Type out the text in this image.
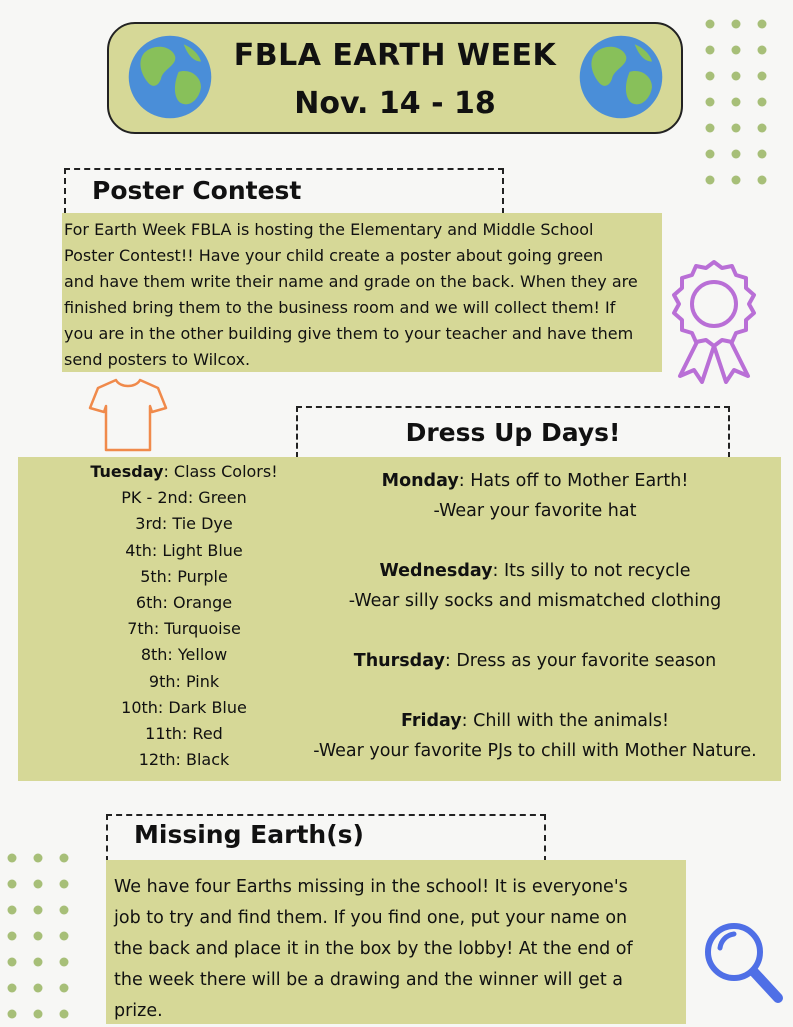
FBLA EARTH WEEK
Nov. 14 - 18
Poster Contest
For Earth Week FBLA is hosting the Elementary and Middle School
Poster Contest!! Have your child create a poster about going green
and have them write their name and grade on the back. When they are
finished bring them to the business room and we will collect them! If
you are in the other building give them to your teacher and have them
send posters to Wilcox.
Dress Up Days!
Tuesday: Class Colors!
PK - 2nd: Green
3rd: Tie Dye
4th: Light Blue
5th: Purple
6th: Orange
7th: Turquoise
8th: Yellow
9th: Pink
10th: Dark Blue
11th: Red
12th: Black
Monday: Hats off to Mother Earth!
-Wear your favorite hat
Wednesday: Its silly to not recycle
-Wear silly socks and mismatched clothing
Thursday: Dress as your favorite season
Friday: Chill with the animals!
-Wear your favorite PJs to chill with Mother Nature.
Missing Earth(s)
We have four Earths missing in the school! It is everyone's
job to try and find them. If you find one, put your name on
the back and place it in the box by the lobby! At the end of
the week there will be a drawing and the winner will get a
prize.
